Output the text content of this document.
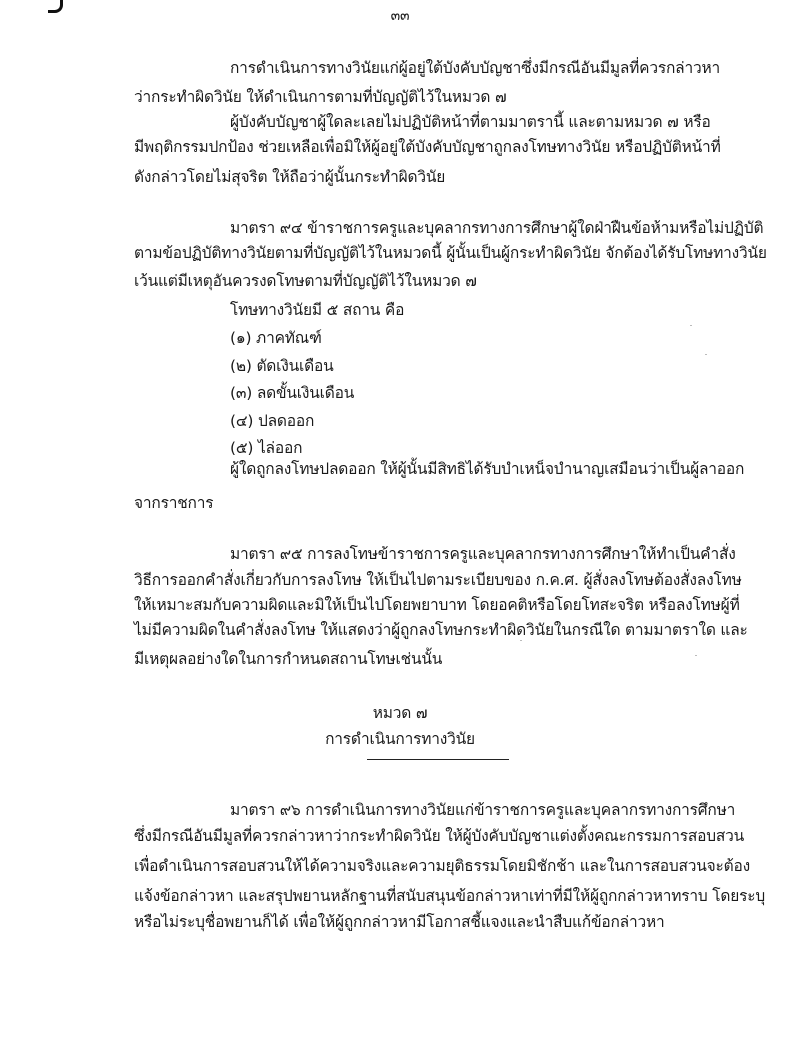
๓๓
การดำเนินการทางวินัยแก่ผู้อยู่ใต้บังคับบัญชาซึ่งมีกรณีอันมีมูลที่ควรกล่าวหา
ว่ากระทำผิดวินัย ให้ดำเนินการตามที่บัญญัติไว้ในหมวด ๗
ผู้บังคับบัญชาผู้ใดละเลยไม่ปฏิบัติหน้าที่ตามมาตรานี้ และตามหมวด ๗ หรือ
มีพฤติกรรมปกป้อง ช่วยเหลือเพื่อมิให้ผู้อยู่ใต้บังคับบัญชาถูกลงโทษทางวินัย หรือปฏิบัติหน้าที่
ดังกล่าวโดยไม่สุจริต ให้ถือว่าผู้นั้นกระทำผิดวินัย
มาตรา ๙๔ ข้าราชการครูและบุคลากรทางการศึกษาผู้ใดฝ่าฝืนข้อห้ามหรือไม่ปฏิบัติ
ตามข้อปฏิบัติทางวินัยตามที่บัญญัติไว้ในหมวดนี้ ผู้นั้นเป็นผู้กระทำผิดวินัย จักต้องได้รับโทษทางวินัย
เว้นแต่มีเหตุอันควรงดโทษตามที่บัญญัติไว้ในหมวด ๗
โทษทางวินัยมี ๕ สถาน คือ
(๑) ภาคทัณฑ์
(๒) ตัดเงินเดือน
(๓) ลดขั้นเงินเดือน
(๔) ปลดออก
(๕) ไล่ออก
ผู้ใดถูกลงโทษปลดออก ให้ผู้นั้นมีสิทธิได้รับบำเหน็จบำนาญเสมือนว่าเป็นผู้ลาออก
จากราชการ
มาตรา ๙๕ การลงโทษข้าราชการครูและบุคลากรทางการศึกษาให้ทำเป็นคำสั่ง
วิธีการออกคำสั่งเกี่ยวกับการลงโทษ ให้เป็นไปตามระเบียบของ ก.ค.ศ. ผู้สั่งลงโทษต้องสั่งลงโทษ
ให้เหมาะสมกับความผิดและมิให้เป็นไปโดยพยาบาท โดยอคติหรือโดยโทสะจริต หรือลงโทษผู้ที่
ไม่มีความผิดในคำสั่งลงโทษ ให้แสดงว่าผู้ถูกลงโทษกระทำผิดวินัยในกรณีใด ตามมาตราใด และ
มีเหตุผลอย่างใดในการกำหนดสถานโทษเช่นนั้น
หมวด ๗
การดำเนินการทางวินัย
มาตรา ๙๖ การดำเนินการทางวินัยแก่ข้าราชการครูและบุคลากรทางการศึกษา
ซึ่งมีกรณีอันมีมูลที่ควรกล่าวหาว่ากระทำผิดวินัย ให้ผู้บังคับบัญชาแต่งตั้งคณะกรรมการสอบสวน
เพื่อดำเนินการสอบสวนให้ได้ความจริงและความยุติธรรมโดยมิชักช้า และในการสอบสวนจะต้อง
แจ้งข้อกล่าวหา และสรุปพยานหลักฐานที่สนับสนุนข้อกล่าวหาเท่าที่มีให้ผู้ถูกกล่าวหาทราบ โดยระบุ
หรือไม่ระบุชื่อพยานก็ได้ เพื่อให้ผู้ถูกกล่าวหามีโอกาสชี้แจงและนำสืบแก้ข้อกล่าวหา
